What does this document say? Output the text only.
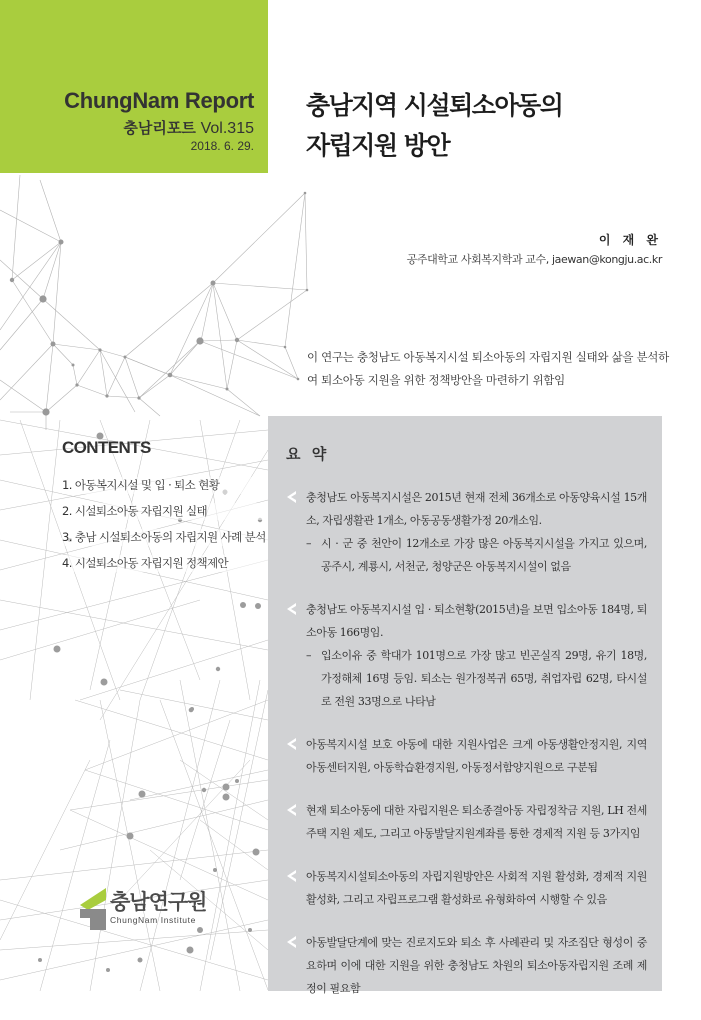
ChungNam Report
충남리포트 Vol.315
2018. 6. 29.
충남지역 시설퇴소아동의
자립지원 방안
이 재 완
공주대학교 사회복지학과 교수, jaewan@kongju.ac.kr
이 연구는 충청남도 아동복지시설 퇴소아동의 자립지원 실태와 삶을 분석하여 퇴소아동 지원을 위한 정책방안을 마련하기 위함임
CONTENTS
1. 아동복지시설 및 입 · 퇴소 현황
2. 시설퇴소아동 자립지원 실태
3. 충남 시설퇴소아동의 자립지원 사례 분석
4. 시설퇴소아동 자립지원 정책제안
요 약
충청남도 아동복지시설은 2015년 현재 전체 36개소로 아동양육시설 15개소, 자립생활관 1개소, 아동공동생활가정 20개소임.
– 시 · 군 중 천안이 12개소로 가장 많은 아동복지시설을 가지고 있으며, 공주시, 계룡시, 서천군, 청양군은 아동복지시설이 없음
충청남도 아동복지시설 입 · 퇴소현황(2015년)을 보면 입소아동 184명, 퇴소아동 166명임.
– 입소이유 중 학대가 101명으로 가장 많고 빈곤실직 29명, 유기 18명, 가정해체 16명 등임. 퇴소는 원가정복귀 65명, 취업자립 62명, 타시설로 전원 33명으로 나타남
아동복지시설 보호 아동에 대한 지원사업은 크게 아동생활안정지원, 지역아동센터지원, 아동학습환경지원, 아동정서함양지원으로 구분됨
현재 퇴소아동에 대한 자립지원은 퇴소종결아동 자립정착금 지원, LH 전세 주택 지원 제도, 그리고 아동발달지원계좌를 통한 경제적 지원 등 3가지임
아동복지시설퇴소아동의 자립지원방안은 사회적 지원 활성화, 경제적 지원 활성화, 그리고 자립프로그램 활성화로 유형화하여 시행할 수 있음
아동발달단계에 맞는 진로지도와 퇴소 후 사례관리 및 자조집단 형성이 중요하며 이에 대한 지원을 위한 충청남도 차원의 퇴소아동자립지원 조례 제정이 필요함
충남연구원
ChungNam Institute
